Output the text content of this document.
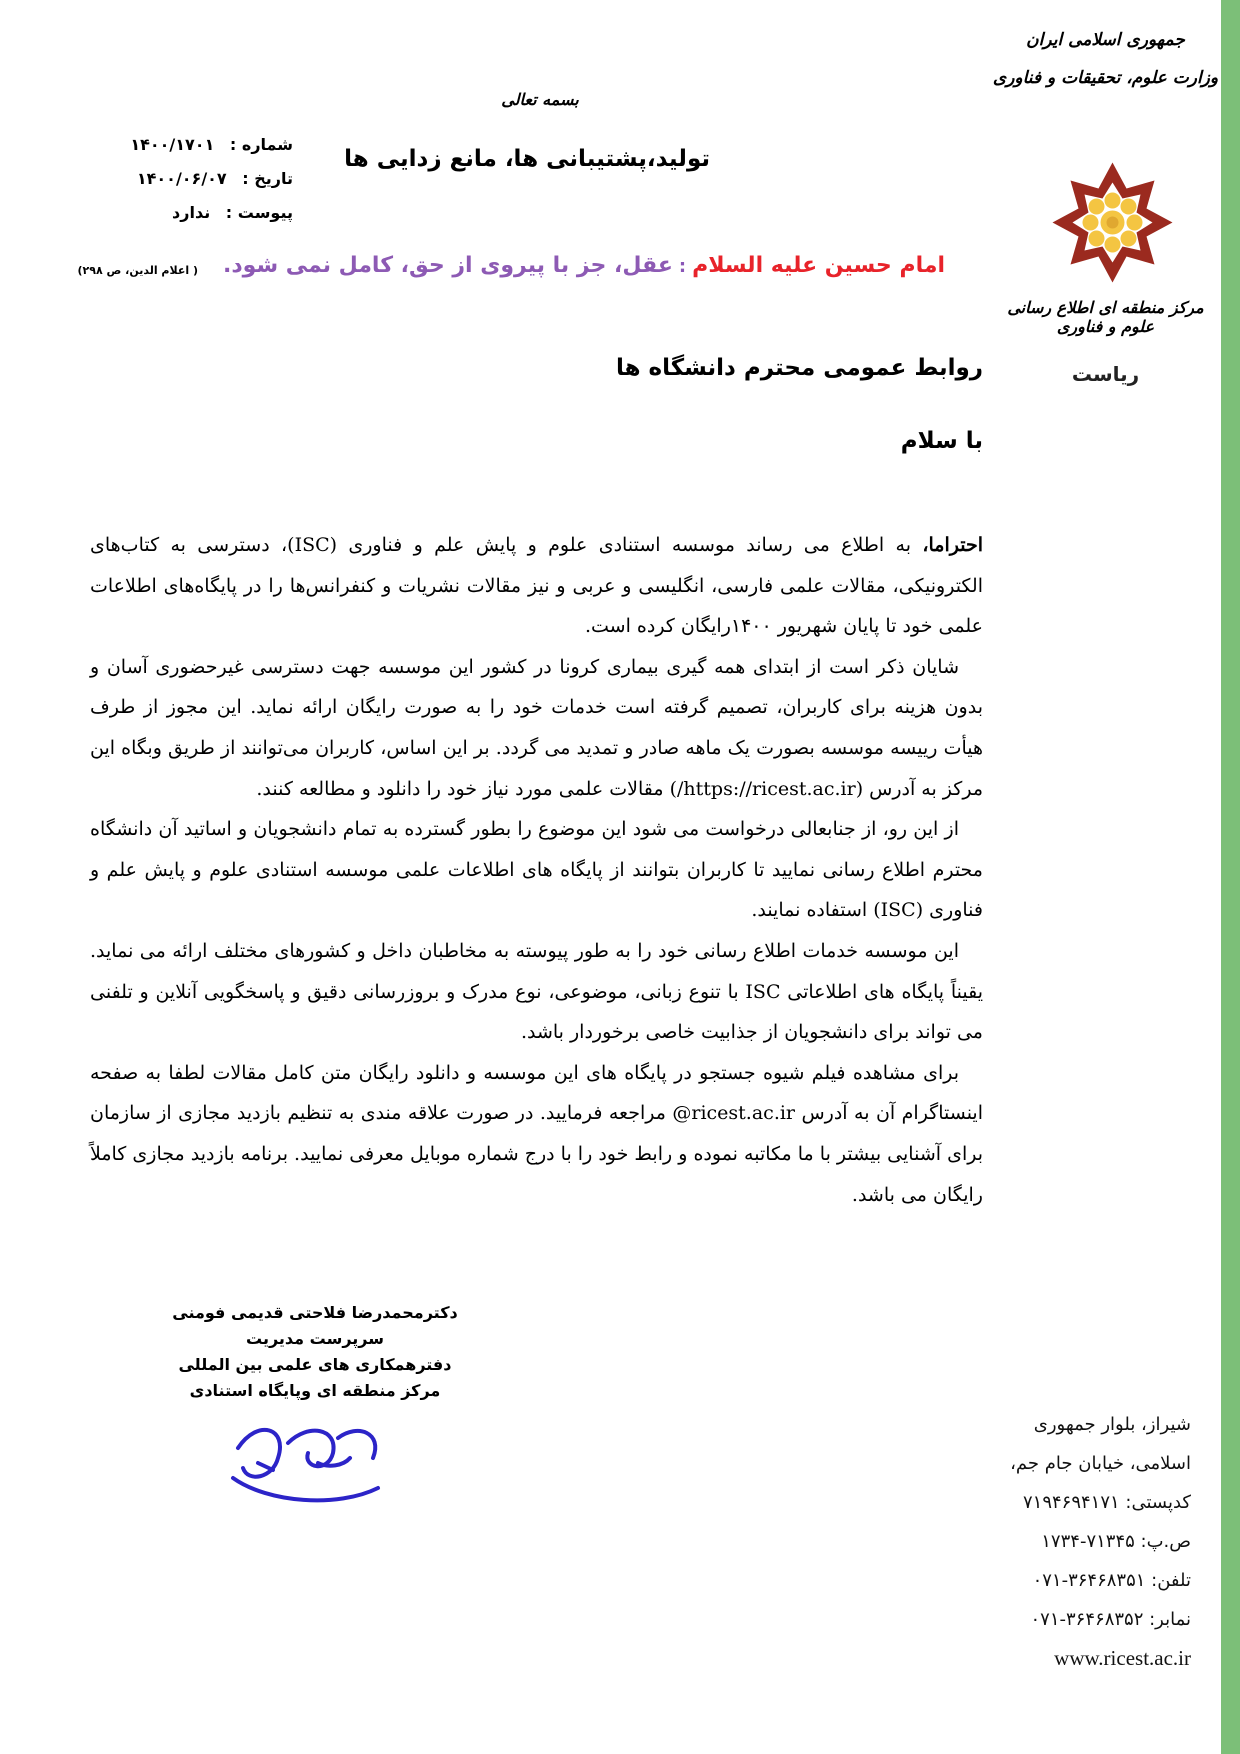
جمهوری اسلامی ایران
وزارت علوم، تحقیقات و فناوری
مرکز منطقه ای اطلاع رسانی علوم و فناوری
ریاست
شیراز، بلوار جمهوری
اسلامی، خیابان جام جم،
کدپستی: ۷۱۹۴۶۹۴۱۷۱
ص.پ: ۷۱۳۴۵-۱۷۳۴
تلفن: ۳۶۴۶۸۳۵۱-۰۷۱
نمابر: ۳۶۴۶۸۳۵۲-۰۷۱
www.ricest.ac.ir
بسمه تعالی
شماره : ۱۴۰۰/۱۷۰۱
تاریخ : ۱۴۰۰/۰۶/۰۷
پیوست : ندارد
تولید،پشتیبانی ها، مانع زدایی ها
امام حسین علیه السلام:عقل، جز با پیروی از حق، کامل نمی شود.
( اعلام الدین، ص ۲۹۸)
روابط عمومی محترم دانشگاه ها
با سلام

احتراما، به اطلاع می رساند موسسه استنادی علوم و پایش علم و فناوری (ISC)، دسترسی به کتاب‌های الکترونیکی، مقالات علمی فارسی، انگلیسی و عربی و نیز مقالات نشریات و کنفرانس‌ها را در پایگاه‌های اطلاعات علمی خود تا پایان شهریور ۱۴۰۰رایگان کرده است.

شایان ذکر است از ابتدای همه گیری بیماری کرونا در کشور این موسسه جهت دسترسی غیرحضوری آسان و بدون هزینه برای کاربران، تصمیم گرفته است خدمات خود را به صورت رایگان ارائه نماید. این مجوز از طرف هیأت رییسه موسسه بصورت یک ماهه صادر و تمدید می گردد. بر این اساس، کاربران می‌توانند از طریق وبگاه این مرکز به آدرس (https://ricest.ac.ir/) مقالات علمی مورد نیاز خود را دانلود و مطالعه کنند.

از این رو، از جنابعالی درخواست می شود این موضوع را بطور گسترده به تمام دانشجویان و اساتید آن دانشگاه محترم اطلاع رسانی نمایید تا کاربران بتوانند از پایگاه های اطلاعات علمی موسسه استنادی علوم و پایش علم و فناوری (ISC) استفاده نمایند.

این موسسه خدمات اطلاع رسانی خود را به طور پیوسته به مخاطبان داخل و کشورهای مختلف ارائه می نماید. یقیناً پایگاه های اطلاعاتی ISC با تنوع زبانی، موضوعی، نوع مدرک و بروزرسانی دقیق و پاسخگویی آنلاین و تلفنی می تواند برای دانشجویان از جذابیت خاصی برخوردار باشد.

برای مشاهده فیلم شیوه جستجو در پایگاه های این موسسه و دانلود رایگان متن کامل مقالات لطفا به صفحه اینستاگرام آن به آدرس ricest.ac.ir@ مراجعه فرمایید. در صورت علاقه مندی به تنظیم بازدید مجازی از سازمان برای آشنایی بیشتر با ما مکاتبه نموده و رابط خود را با درج شماره موبایل معرفی نمایید. برنامه بازدید مجازی کاملاً رایگان می باشد.

دکترمحمدرضا فلاحتی قدیمی فومنی
سرپرست مدیریت
دفترهمکاری های علمی بین المللی
مرکز منطقه ای وپایگاه استنادی
